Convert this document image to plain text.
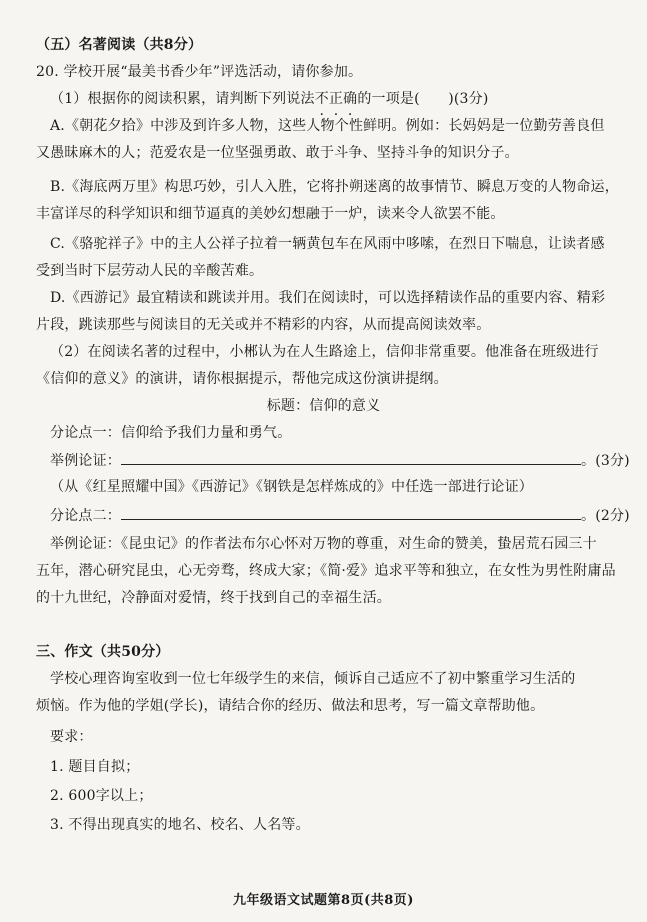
（五）名著阅读（共8分）
20. 学校开展“最美书香少年”评选活动，请你参加。
（1）根据你的阅读积累，请判断下列说法不正确的一项是(　　)(3分)
A.《朝花夕拾》中涉及到许多人物，这些人物个性鲜明。例如：长妈妈是一位勤劳善良但
又愚昧麻木的人；范爱农是一位坚强勇敢、敢于斗争、坚持斗争的知识分子。
B.《海底两万里》构思巧妙，引人入胜，它将扑朔迷离的故事情节、瞬息万变的人物命运，
丰富详尽的科学知识和细节逼真的美妙幻想融于一炉，读来令人欲罢不能。
C.《骆驼祥子》中的主人公祥子拉着一辆黄包车在风雨中哆嗦，在烈日下喘息，让读者感
受到当时下层劳动人民的辛酸苦难。
D.《西游记》最宜精读和跳读并用。我们在阅读时，可以选择精读作品的重要内容、精彩
片段，跳读那些与阅读目的无关或并不精彩的内容，从而提高阅读效率。
（2）在阅读名著的过程中，小郴认为在人生路途上，信仰非常重要。他准备在班级进行
《信仰的意义》的演讲，请你根据提示，帮他完成这份演讲提纲。
标题：信仰的意义
分论点一：信仰给予我们力量和勇气。
举例论证：	。(3分)
（从《红星照耀中国》《西游记》《钢铁是怎样炼成的》中任选一部进行论证）
分论点二：	。(2分)
举例论证：《昆虫记》的作者法布尔心怀对万物的尊重，对生命的赞美，蛰居荒石园三十
五年，潜心研究昆虫，心无旁骛，终成大家；《简·爱》追求平等和独立，在女性为男性附庸品
的十九世纪，冷静面对爱情，终于找到自己的幸福生活。
三、作文（共50分）
学校心理咨询室收到一位七年级学生的来信，倾诉自己适应不了初中繁重学习生活的
烦恼。作为他的学姐(学长)，请结合你的经历、做法和思考，写一篇文章帮助他。
要求：
1. 题目自拟；
2. 600字以上；
3. 不得出现真实的地名、校名、人名等。
九年级语文试题第8页(共8页)
